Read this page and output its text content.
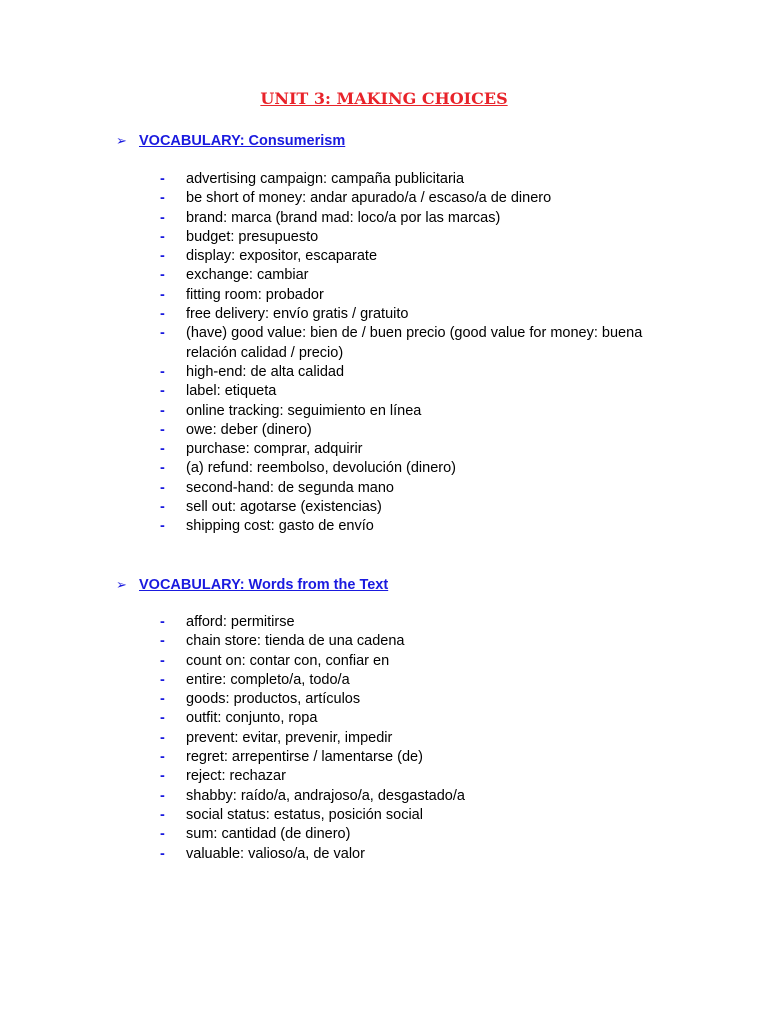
UNIT 3: MAKING CHOICES
➢ VOCABULARY: Consumerism
-	advertising campaign: campaña publicitaria
-	be short of money: andar apurado/a / escaso/a de dinero
-	brand: marca (brand mad: loco/a por las marcas)
-	budget: presupuesto
-	display: expositor, escaparate
-	exchange: cambiar
-	fitting room: probador
-	free delivery: envío gratis / gratuito
-	(have) good value: bien de / buen precio (good value for money: buena relación calidad / precio)
-	high-end: de alta calidad
-	label: etiqueta
-	online tracking: seguimiento en línea
-	owe: deber (dinero)
-	purchase: comprar, adquirir
-	(a) refund: reembolso, devolución (dinero)
-	second-hand: de segunda mano
-	sell out: agotarse (existencias)
-	shipping cost: gasto de envío
➢ VOCABULARY: Words from the Text
-	afford: permitirse
-	chain store: tienda de una cadena
-	count on: contar con, confiar en
-	entire: completo/a, todo/a
-	goods: productos, artículos
-	outfit: conjunto, ropa
-	prevent: evitar, prevenir, impedir
-	regret: arrepentirse / lamentarse (de)
-	reject: rechazar
-	shabby: raído/a, andrajoso/a, desgastado/a
-	social status: estatus, posición social
-	sum: cantidad (de dinero)
-	valuable: valioso/a, de valor
